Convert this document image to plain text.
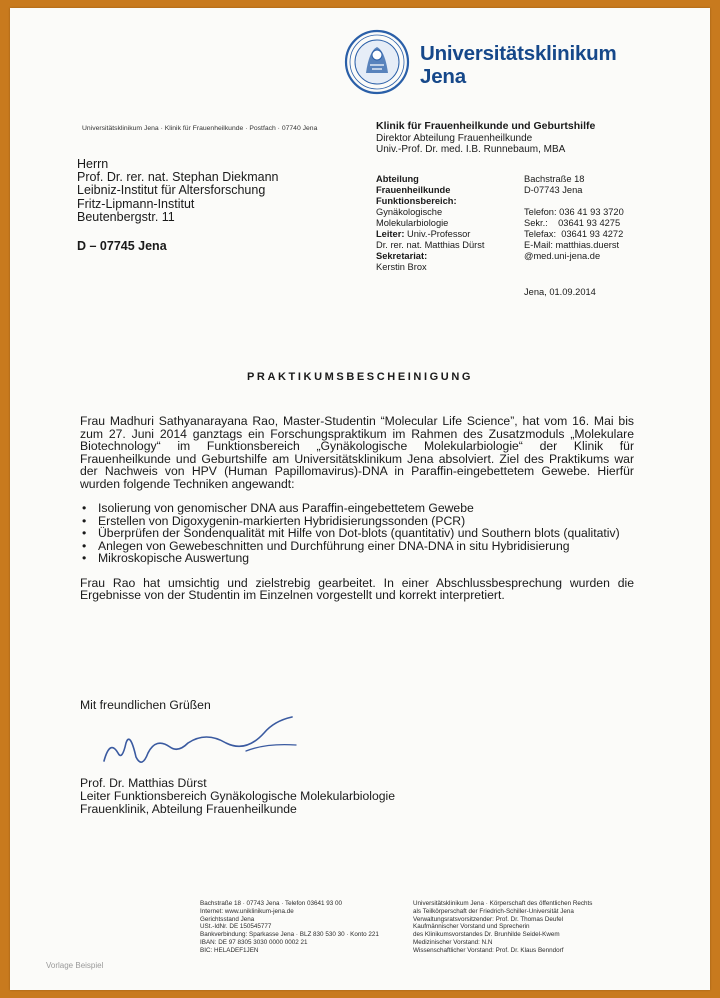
Universitätsklinikum
Jena
Universitätsklinikum Jena · Klinik für Frauenheilkunde · Postfach · 07740 Jena	Klinik für Frauenheilkunde und Geburtshilfe
Direktor Abteilung Frauenheilkunde
Univ.-Prof. Dr. med. I.B. Runnebaum, MBA
Herrn
Prof. Dr. rer. nat. Stephan Diekmann
Leibniz-Institut für Altersforschung
Fritz-Lipmann-Institut
Beutenbergstr. 11
D – 07745 Jena
Abteilung
Frauenheilkunde
Funktionsbereich:
Gynäkologische
Molekularbiologie
Leiter: Univ.-Professor
Dr. rer. nat. Matthias Dürst
Sekretariat:
Kerstin Brox
Bachstraße 18
D-07743 Jena

Telefon: 036 41 93 3720
Sekr.:    03641 93 4275
Telefax:  03641 93 4272
E-Mail: matthias.duerst
@med.uni-jena.de
Jena, 01.09.2014
PRAKTIKUMSBESCHEINIGUNG

Frau Madhuri Sathyanarayana Rao, Master-Studentin “Molecular Life Science”, hat vom 16. Mai bis zum 27. Juni 2014 ganztags ein Forschungspraktikum im Rahmen des Zusatzmoduls „Molekulare Biotechnology“ im Funktionsbereich „Gynäkologische Molekularbiologie“ der Klinik für Frauenheilkunde und Geburtshilfe am Universitätsklinikum Jena absolviert. Ziel des Praktikums war der Nachweis von HPV (Human Papillomavirus)-DNA in Paraffin-eingebettetem Gewebe. Hierfür wurden folgende Techniken angewandt:

• Isolierung von genomischer DNA aus Paraffin-eingebettetem Gewebe
• Erstellen von Digoxygenin-markierten Hybridisierungssonden (PCR)
• Überprüfen der Sondenqualität mit Hilfe von Dot-blots (quantitativ) und Southern blots (qualitativ)
• Anlegen von Gewebeschnitten und Durchführung einer DNA-DNA in situ Hybridisierung
• Mikroskopische Auswertung

Frau Rao hat umsichtig und zielstrebig gearbeitet. In einer Abschlussbesprechung wurden die Ergebnisse von der Studentin im Einzelnen vorgestellt und korrekt interpretiert.

Mit freundlichen Grüßen
Prof. Dr. Matthias Dürst
Leiter Funktionsbereich Gynäkologische Molekularbiologie
Frauenklinik, Abteilung Frauenheilkunde
Bachstraße 18 · 07743 Jena · Telefon 03641 93 00
Internet: www.uniklinikum-jena.de
Gerichtsstand Jena
USt.-IdNr. DE 150545777
Bankverbindung: Sparkasse Jena · BLZ 830 530 30 · Konto 221
IBAN: DE 97 8305 3030 0000 0002 21
BIC: HELADEF1JEN
Universitätsklinikum Jena · Körperschaft des öffentlichen Rechts
als Teilkörperschaft der Friedrich-Schiller-Universität Jena
Verwaltungsratsvorsitzender: Prof. Dr. Thomas Deufel
Kaufmännischer Vorstand und Sprecherin
des Klinikumsvorstandes Dr. Brunhilde Seidel-Kwem
Medizinischer Vorstand: N.N
Wissenschaftlicher Vorstand: Prof. Dr. Klaus Benndorf
Vorlage Beispiel
